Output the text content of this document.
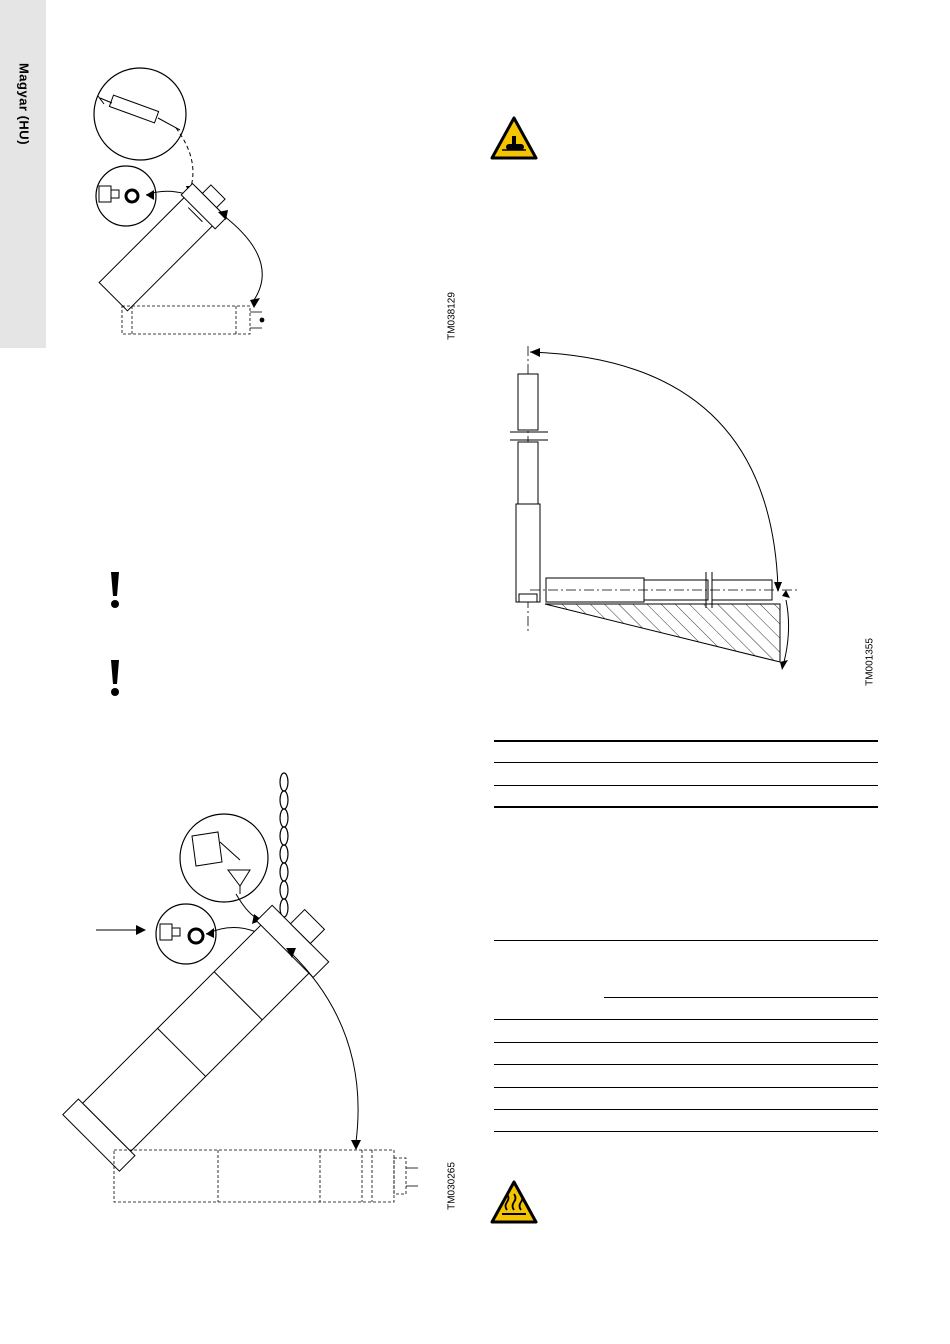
Magyar (HU)
TM038129
TM001355
TM030265
